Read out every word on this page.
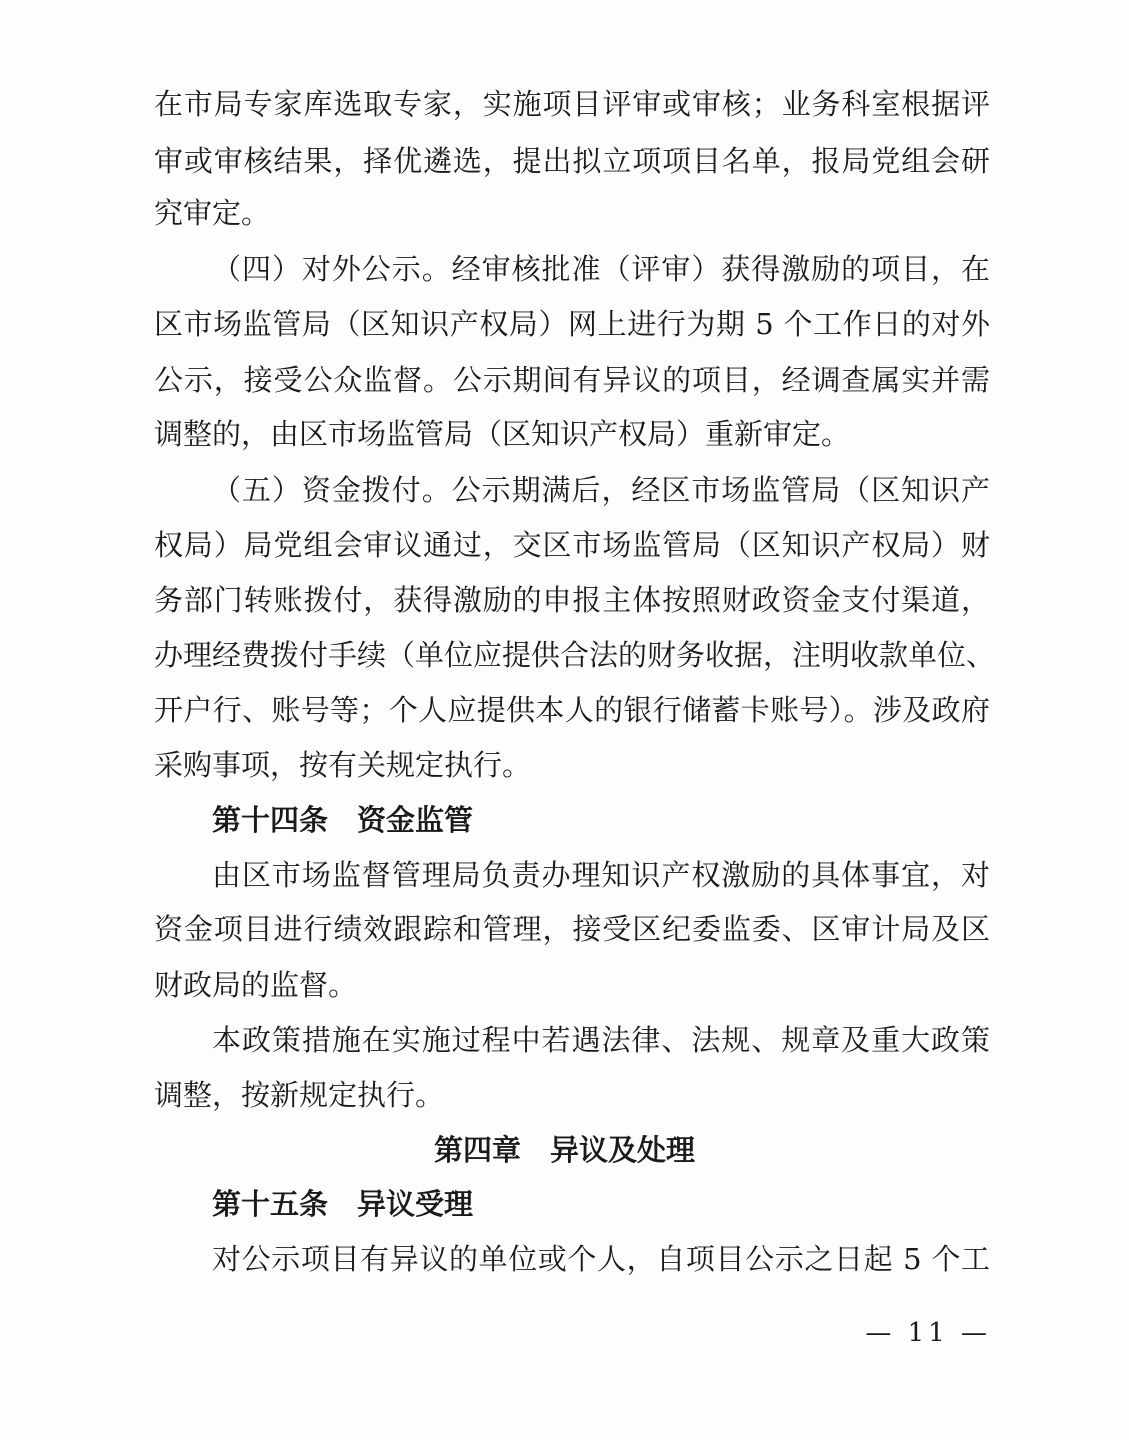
在市局专家库选取专家，实施项目评审或审核；业务科室根据评
审或审核结果，择优遴选，提出拟立项项目名单，报局党组会研
究审定。
（四）对外公示。经审核批准（评审）获得激励的项目，在
区市场监管局（区知识产权局）网上进行为期 5 个工作日的对外
公示，接受公众监督。公示期间有异议的项目，经调查属实并需
调整的，由区市场监管局（区知识产权局）重新审定。
（五）资金拨付。公示期满后，经区市场监管局（区知识产
权局）局党组会审议通过，交区市场监管局（区知识产权局）财
务部门转账拨付，获得激励的申报主体按照财政资金支付渠道，
办理经费拨付手续（单位应提供合法的财务收据，注明收款单位、
开户行、账号等；个人应提供本人的银行储蓄卡账号）。涉及政府
采购事项，按有关规定执行。
第十四条　资金监管
由区市场监督管理局负责办理知识产权激励的具体事宜，对
资金项目进行绩效跟踪和管理，接受区纪委监委、区审计局及区
财政局的监督。
本政策措施在实施过程中若遇法律、法规、规章及重大政策
调整，按新规定执行。
第四章　异议及处理
第十五条　异议受理
对公示项目有异议的单位或个人，自项目公示之日起 5 个工
— 11 —
